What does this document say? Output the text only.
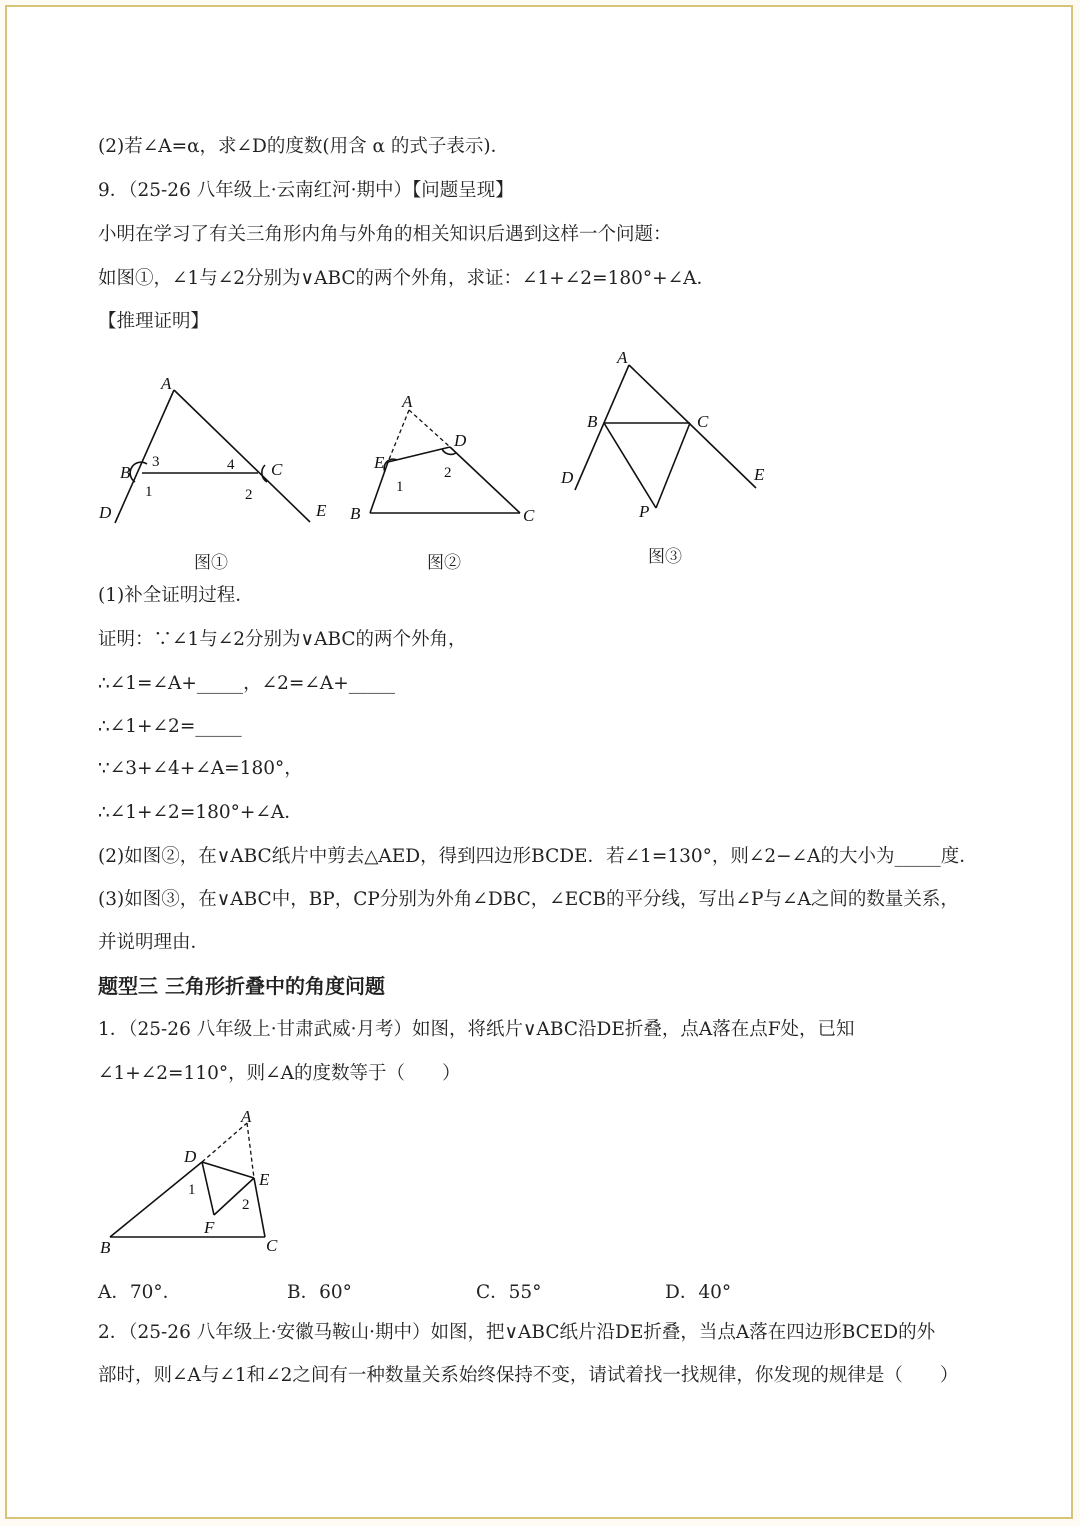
(2)若∠A=α，求∠D的度数(用含 α 的式子表示)．
9．（25-26 八年级上·云南红河·期中）【问题呈现】
小明在学习了有关三角形内角与外角的相关知识后遇到这样一个问题：
如图①，∠1与∠2分别为∨ABC的两个外角，求证：∠1+∠2=180°+∠A．
【推理证明】
A
B	C
D	E
3	4
1	2
图①
A
B	C
D
E
1
2
图②
A
B	C
D	E
P
图③
(1)补全证明过程．
证明：∵∠1与∠2分别为∨ABC的两个外角，
∴∠1=∠A+_____，∠2=∠A+_____
∴∠1+∠2=_____
∵∠3+∠4+∠A=180°，
∴∠1+∠2=180°+∠A．
(2)如图②，在∨ABC纸片中剪去△AED，得到四边形BCDE．若∠1=130°，则∠2−∠A的大小为_____度．
(3)如图③，在∨ABC中，BP，CP分别为外角∠DBC，∠ECB的平分线，写出∠P与∠A之间的数量关系，
并说明理由．
题型三 三角形折叠中的角度问题
1．（25-26 八年级上·甘肃武威·月考）如图，将纸片∨ABC沿DE折叠，点A落在点F处，已知
∠1+∠2=110°，则∠A的度数等于（　　）
A
B	C
D
E
F
1
2
A．70°．	B．60°	C．55°	D．40°
2．（25-26 八年级上·安徽马鞍山·期中）如图，把∨ABC纸片沿DE折叠，当点A落在四边形BCED的外
部时，则∠A与∠1和∠2之间有一种数量关系始终保持不变，请试着找一找规律，你发现的规律是（　　）
